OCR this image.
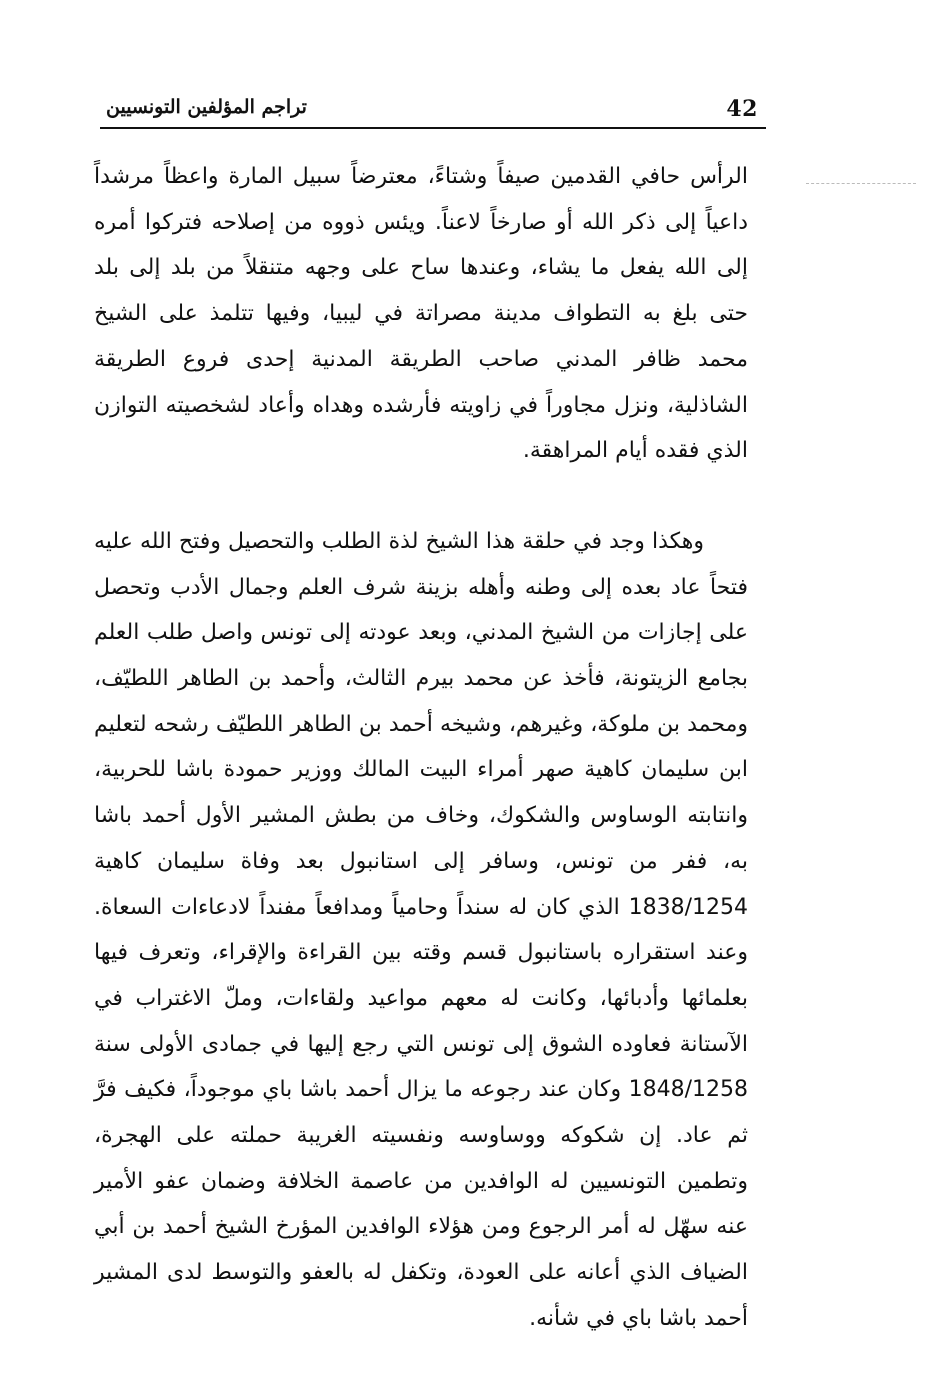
42
تراجم المؤلفين التونسيين

الرأس حافي القدمين صيفاً وشتاءً، معترضاً سبيل المارة واعظاً مرشداً داعياً إلى ذكر الله أو صارخاً لاعناً. ويئس ذووه من إصلاحه فتركوا أمره إلى الله يفعل ما يشاء، وعندها ساح على وجهه متنقلاً من بلد إلى بلد حتى بلغ به التطواف مدينة مصراتة في ليبيا، وفيها تتلمذ على الشيخ محمد ظافر المدني صاحب الطريقة المدنية إحدى فروع الطريقة الشاذلية، ونزل مجاوراً في زاويته فأرشده وهداه وأعاد لشخصيته التوازن الذي فقده أيام المراهقة.

وهكذا وجد في حلقة هذا الشيخ لذة الطلب والتحصيل وفتح الله عليه فتحاً عاد بعده إلى وطنه وأهله بزينة شرف العلم وجمال الأدب وتحصل على إجازات من الشيخ المدني، وبعد عودته إلى تونس واصل طلب العلم بجامع الزيتونة، فأخذ عن محمد بيرم الثالث، وأحمد بن الطاهر اللطيّف، ومحمد بن ملوكة، وغيرهم، وشيخه أحمد بن الطاهر اللطيّف رشحه لتعليم ابن سليمان كاهية صهر أمراء البيت المالك ووزير حمودة باشا للحربية، وانتابته الوساوس والشكوك، وخاف من بطش المشير الأول أحمد باشا به، ففر من تونس، وسافر إلى استانبول بعد وفاة سليمان كاهية 1838/1254 الذي كان له سنداً وحامياً ومدافعاً مفنداً لادعاءات السعاة. وعند استقراره باستانبول قسم وقته بين القراءة والإقراء، وتعرف فيها بعلمائها وأدبائها، وكانت له معهم مواعيد ولقاءات، وملّ الاغتراب في الآستانة فعاوده الشوق إلى تونس التي رجع إليها في جمادى الأولى سنة 1848/1258 وكان عند رجوعه ما يزال أحمد باشا باي موجوداً، فكيف فرَّ ثم عاد. إن شكوكه ووساوسه ونفسيته الغريبة حملته على الهجرة، وتطمين التونسيين له الوافدين من عاصمة الخلافة وضمان عفو الأمير عنه سهّل له أمر الرجوع ومن هؤلاء الوافدين المؤرخ الشيخ أحمد بن أبي الضياف الذي أعانه على العودة، وتكفل له بالعفو والتوسط لدى المشير أحمد باشا باي في شأنه.
